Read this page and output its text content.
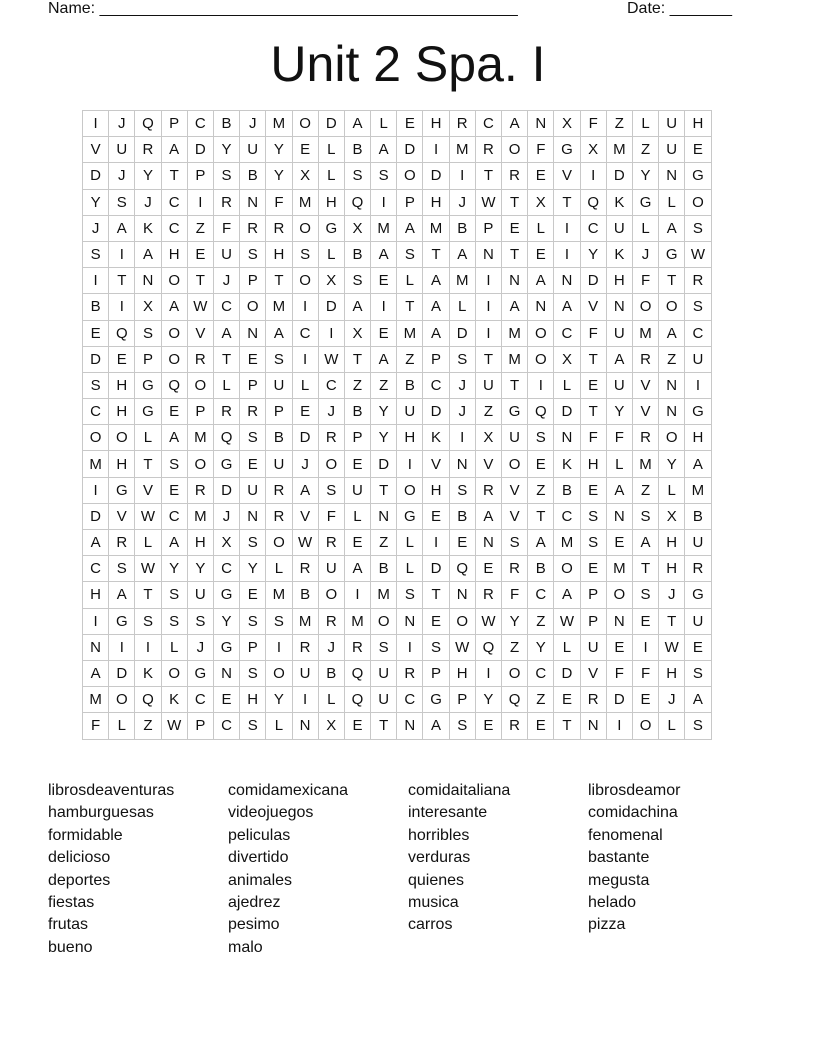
Name: _______________________________________________	Date: _______
Unit 2 Spa. I
I	J	Q	P	C	B	J	M	O	D	A	L	E	H	R	C	A	N	X	F	Z	L	U	H
V	U	R	A	D	Y	U	Y	E	L	B	A	D	I	M	R	O	F	G	X	M	Z	U	E
D	J	Y	T	P	S	B	Y	X	L	S	S	O	D	I	T	R	E	V	I	D	Y	N	G
Y	S	J	C	I	R	N	F	M	H	Q	I	P	H	J	W	T	X	T	Q	K	G	L	O
J	A	K	C	Z	F	R	R	O	G	X	M	A	M	B	P	E	L	I	C	U	L	A	S
S	I	A	H	E	U	S	H	S	L	B	A	S	T	A	N	T	E	I	Y	K	J	G	W
I	T	N	O	T	J	P	T	O	X	S	E	L	A	M	I	N	A	N	D	H	F	T	R
B	I	X	A	W	C	O	M	I	D	A	I	T	A	L	I	A	N	A	V	N	O	O	S
E	Q	S	O	V	A	N	A	C	I	X	E	M	A	D	I	M	O	C	F	U	M	A	C
D	E	P	O	R	T	E	S	I	W	T	A	Z	P	S	T	M	O	X	T	A	R	Z	U
S	H	G	Q	O	L	P	U	L	C	Z	Z	B	C	J	U	T	I	L	E	U	V	N	I
C	H	G	E	P	R	R	P	E	J	B	Y	U	D	J	Z	G	Q	D	T	Y	V	N	G
O	O	L	A	M	Q	S	B	D	R	P	Y	H	K	I	X	U	S	N	F	F	R	O	H
M	H	T	S	O	G	E	U	J	O	E	D	I	V	N	V	O	E	K	H	L	M	Y	A
I	G	V	E	R	D	U	R	A	S	U	T	O	H	S	R	V	Z	B	E	A	Z	L	M
D	V	W	C	M	J	N	R	V	F	L	N	G	E	B	A	V	T	C	S	N	S	X	B
A	R	L	A	H	X	S	O	W	R	E	Z	L	I	E	N	S	A	M	S	E	A	H	U
C	S	W	Y	Y	C	Y	L	R	U	A	B	L	D	Q	E	R	B	O	E	M	T	H	R
H	A	T	S	U	G	E	M	B	O	I	M	S	T	N	R	F	C	A	P	O	S	J	G
I	G	S	S	S	Y	S	S	M	R	M	O	N	E	O	W	Y	Z	W	P	N	E	T	U
N	I	I	L	J	G	P	I	R	J	R	S	I	S	W	Q	Z	Y	L	U	E	I	W	E
A	D	K	O	G	N	S	O	U	B	Q	U	R	P	H	I	O	C	D	V	F	F	H	S
M	O	Q	K	C	E	H	Y	I	L	Q	U	C	G	P	Y	Q	Z	E	R	D	E	J	A
F	L	Z	W	P	C	S	L	N	X	E	T	N	A	S	E	R	E	T	N	I	O	L	S
librosdeaventuras
hamburguesas
formidable
delicioso
deportes
fiestas
frutas
bueno
comidamexicana
videojuegos
peliculas
divertido
animales
ajedrez
pesimo
malo
comidaitaliana
interesante
horribles
verduras
quienes
musica
carros
librosdeamor
comidachina
fenomenal
bastante
megusta
helado
pizza
